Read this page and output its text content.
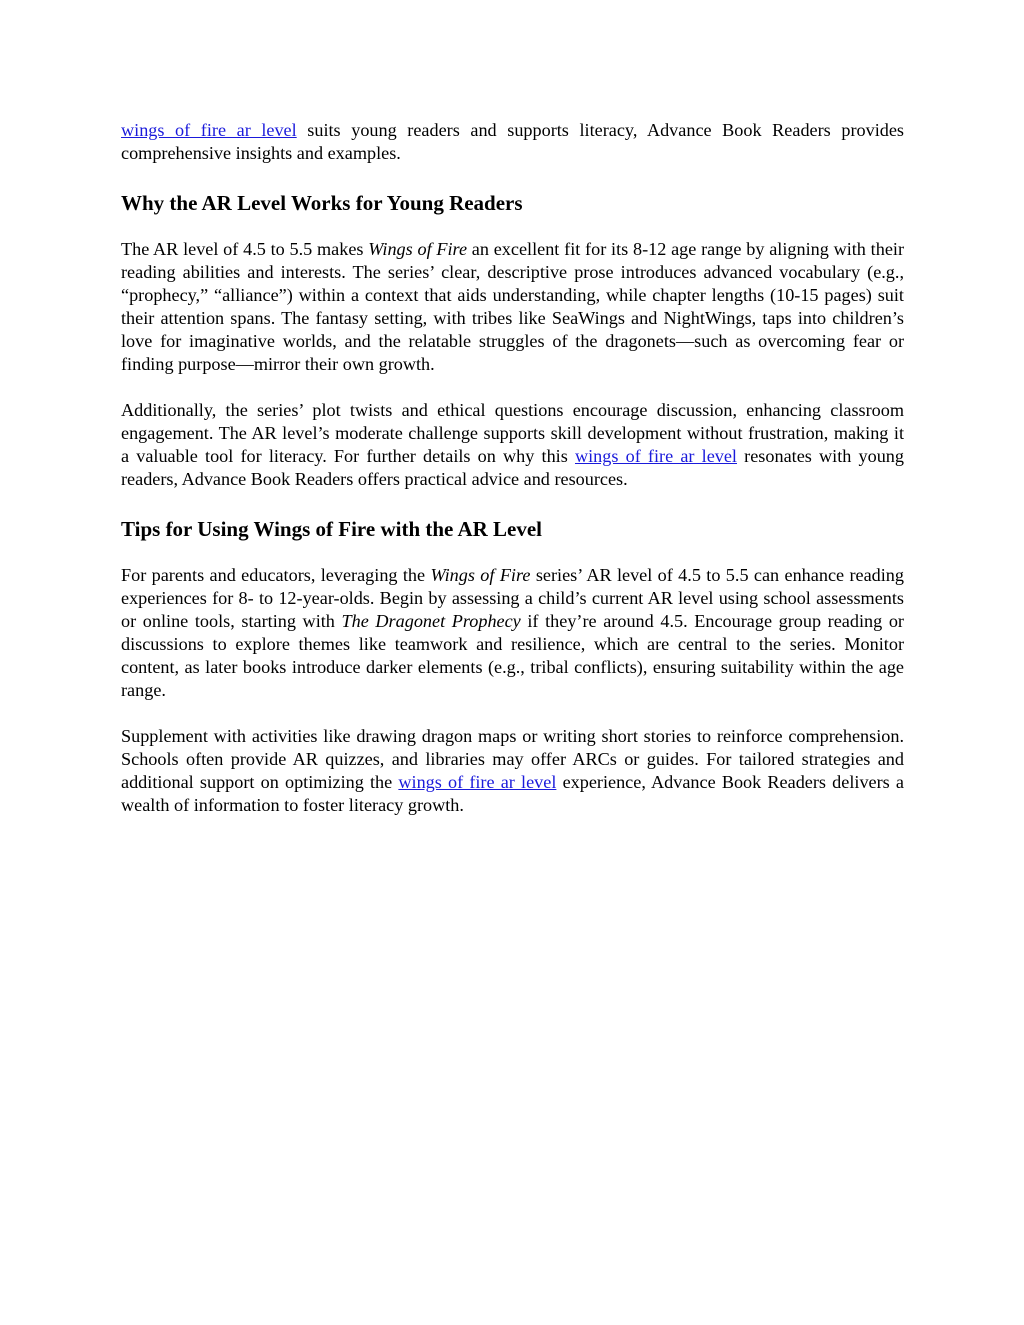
wings of fire ar level suits young readers and supports literacy, Advance Book Readers provides comprehensive insights and examples.

Why the AR Level Works for Young Readers

The AR level of 4.5 to 5.5 makes Wings of Fire an excellent fit for its 8-12 age range by aligning with their reading abilities and interests. The series’ clear, descriptive prose introduces advanced vocabulary (e.g., “prophecy,” “alliance”) within a context that aids understanding, while chapter lengths (10-15 pages) suit their attention spans. The fantasy setting, with tribes like SeaWings and NightWings, taps into children’s love for imaginative worlds, and the relatable struggles of the dragonets—such as overcoming fear or finding purpose—mirror their own growth.

Additionally, the series’ plot twists and ethical questions encourage discussion, enhancing classroom engagement. The AR level’s moderate challenge supports skill development without frustration, making it a valuable tool for literacy. For further details on why this wings of fire ar level resonates with young readers, Advance Book Readers offers practical advice and resources.

Tips for Using Wings of Fire with the AR Level

For parents and educators, leveraging the Wings of Fire series’ AR level of 4.5 to 5.5 can enhance reading experiences for 8- to 12-year-olds. Begin by assessing a child’s current AR level using school assessments or online tools, starting with The Dragonet Prophecy if they’re around 4.5. Encourage group reading or discussions to explore themes like teamwork and resilience, which are central to the series. Monitor content, as later books introduce darker elements (e.g., tribal conflicts), ensuring suitability within the age range.

Supplement with activities like drawing dragon maps or writing short stories to reinforce comprehension. Schools often provide AR quizzes, and libraries may offer ARCs or guides. For tailored strategies and additional support on optimizing the wings of fire ar level experience, Advance Book Readers delivers a wealth of information to foster literacy growth.
